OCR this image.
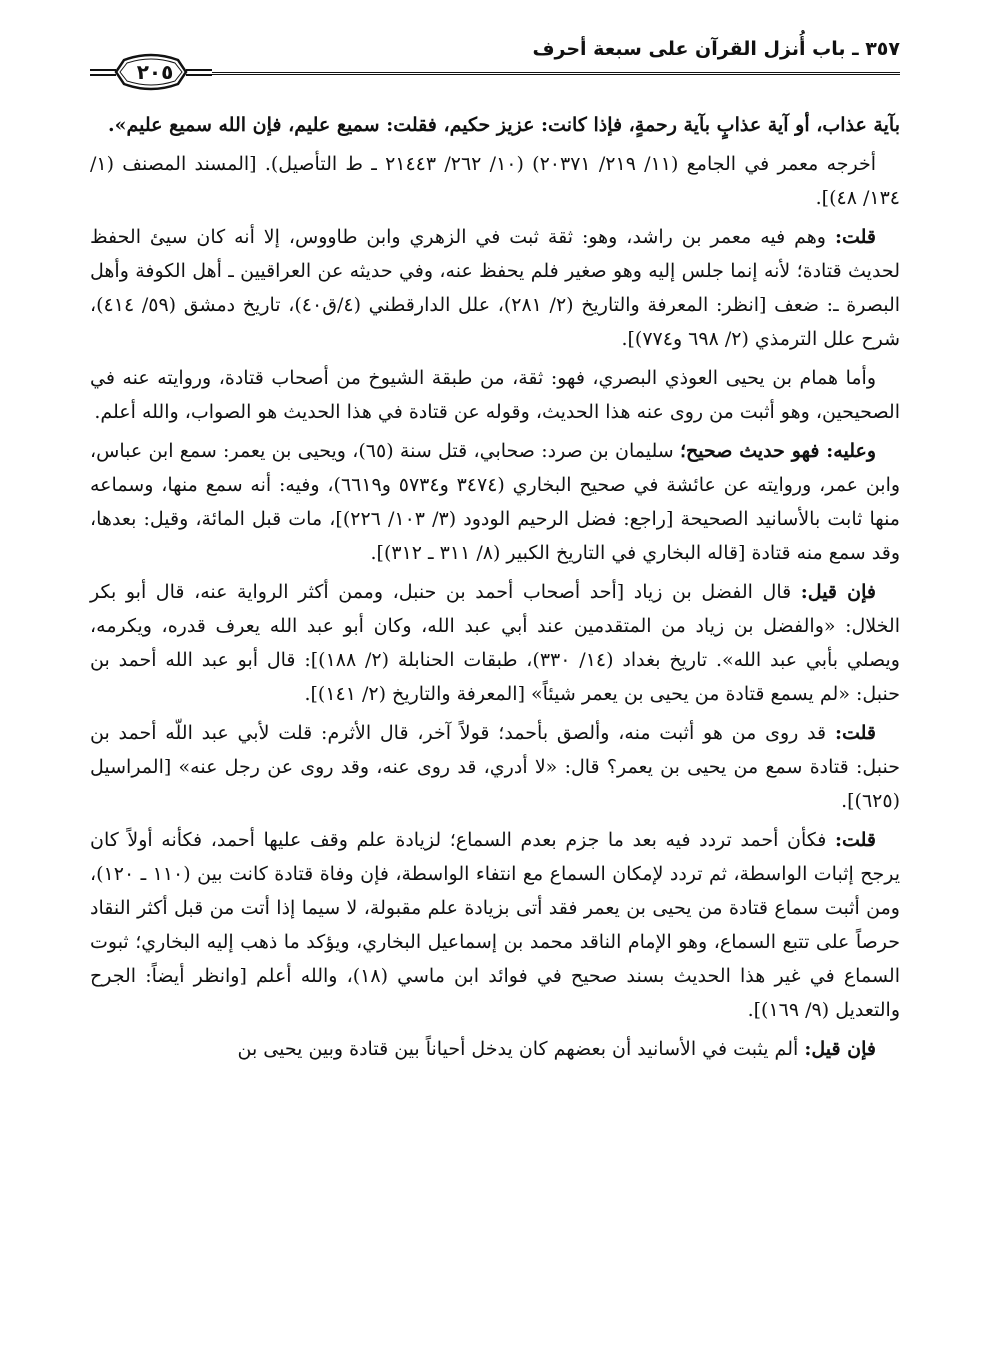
٣٥٧ ـ باب أُنزل القرآن على سبعة أحرف
٢٠٥

بآية عذاب، أو آية عذابٍ بآية رحمةٍ، فإذا كانت: عزيز حكيم، فقلت: سميع عليم، فإن الله سميع عليم».

أخرجه معمر في الجامع (١١/ ٢١٩/ ٢٠٣٧١) (١٠/ ٢٦٢/ ٢١٤٤٣ ـ ط التأصيل). [المسند المصنف (١/ ١٣٤/ ٤٨)].

قلت: وهم فيه معمر بن راشد، وهو: ثقة ثبت في الزهري وابن طاووس، إلا أنه كان سيئ الحفظ لحديث قتادة؛ لأنه إنما جلس إليه وهو صغير فلم يحفظ عنه، وفي حديثه عن العراقيين ـ أهل الكوفة وأهل البصرة ـ: ضعف [انظر: المعرفة والتاريخ (٢/ ٢٨١)، علل الدارقطني (٤/ق٤٠)، تاريخ دمشق (٥٩/ ٤١٤)، شرح علل الترمذي (٢/ ٦٩٨ و٧٧٤)].

وأما همام بن يحيى العوذي البصري، فهو: ثقة، من طبقة الشيوخ من أصحاب قتادة، وروايته عنه في الصحيحين، وهو أثبت من روى عنه هذا الحديث، وقوله عن قتادة في هذا الحديث هو الصواب، والله أعلم.

وعليه: فهو حديث صحيح؛ سليمان بن صرد: صحابي، قتل سنة (٦٥)، ويحيى بن يعمر: سمع ابن عباس، وابن عمر، وروايته عن عائشة في صحيح البخاري (٣٤٧٤ و٥٧٣٤ و٦٦١٩)، وفيه: أنه سمع منها، وسماعه منها ثابت بالأسانيد الصحيحة [راجع: فضل الرحيم الودود (٣/ ١٠٣/ ٢٢٦)]، مات قبل المائة، وقيل: بعدها، وقد سمع منه قتادة [قاله البخاري في التاريخ الكبير (٨/ ٣١١ ـ ٣١٢)].

فإن قيل: قال الفضل بن زياد [أحد أصحاب أحمد بن حنبل، وممن أكثر الرواية عنه، قال أبو بكر الخلال: «والفضل بن زياد من المتقدمين عند أبي عبد الله، وكان أبو عبد الله يعرف قدره، ويكرمه، ويصلي بأبي عبد الله». تاريخ بغداد (١٤/ ٣٣٠)، طبقات الحنابلة (٢/ ١٨٨)]: قال أبو عبد الله أحمد بن حنبل: «لم يسمع قتادة من يحيى بن يعمر شيئاً» [المعرفة والتاريخ (٢/ ١٤١)].

قلت: قد روى من هو أثبت منه، وألصق بأحمد؛ قولاً آخر، قال الأثرم: قلت لأبي عبد اللّه أحمد بن حنبل: قتادة سمع من يحيى بن يعمر؟ قال: «لا أدري، قد روى عنه، وقد روى عن رجل عنه» [المراسيل (٦٢٥)].

قلت: فكأن أحمد تردد فيه بعد ما جزم بعدم السماع؛ لزيادة علم وقف عليها أحمد، فكأنه أولاً كان يرجح إثبات الواسطة، ثم تردد لإمكان السماع مع انتفاء الواسطة، فإن وفاة قتادة كانت بين (١١٠ ـ ١٢٠)، ومن أثبت سماع قتادة من يحيى بن يعمر فقد أتى بزيادة علم مقبولة، لا سيما إذا أتت من قبل أكثر النقاد حرصاً على تتبع السماع، وهو الإمام الناقد محمد بن إسماعيل البخاري، ويؤكد ما ذهب إليه البخاري؛ ثبوت السماع في غير هذا الحديث بسند صحيح في فوائد ابن ماسي (١٨)، والله أعلم [وانظر أيضاً: الجرح والتعديل (٩/ ١٦٩)].

فإن قيل: ألم يثبت في الأسانيد أن بعضهم كان يدخل أحياناً بين قتادة وبين يحيى بن
